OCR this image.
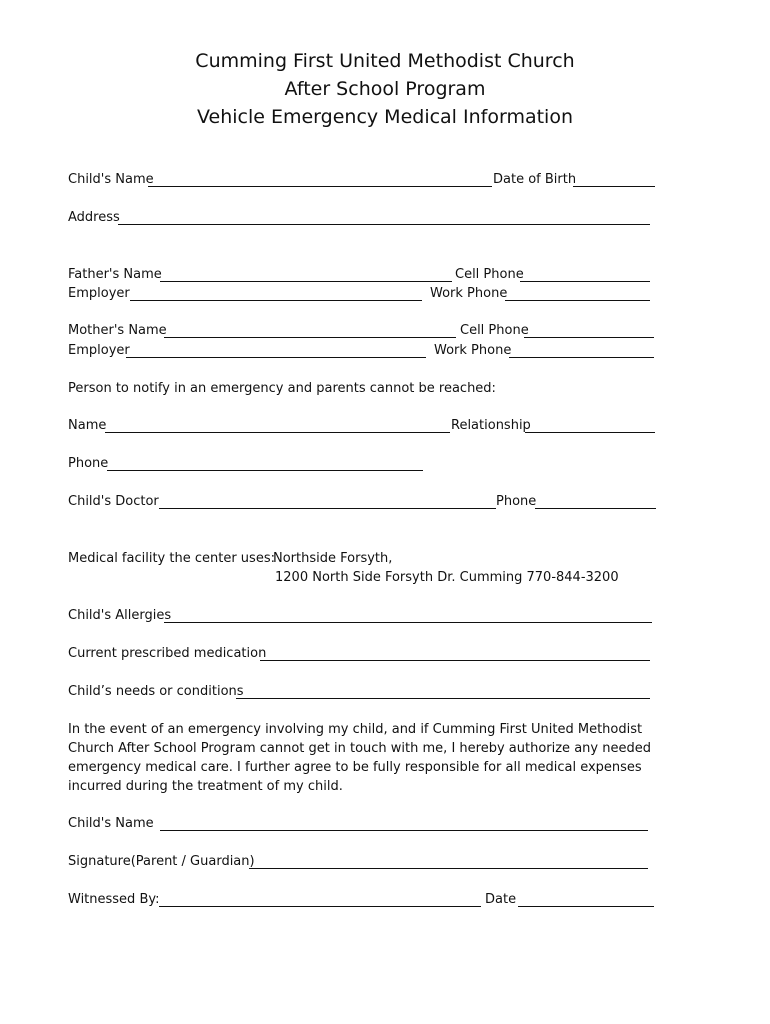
Cumming First United Methodist Church
After School Program
Vehicle Emergency Medical Information
Child's Name	Date of Birth
Address
Father's Name	Cell Phone
Employer	Work Phone
Mother's Name	Cell Phone
Employer	Work Phone
Person to notify in an emergency and parents cannot be reached:
Name	Relationship
Phone
Child's Doctor	Phone
Medical facility the center uses:
Northside Forsyth,
1200 North Side Forsyth Dr. Cumming 770-844-3200
Child's Allergies
Current prescribed medication
Child’s needs or conditions
In the event of an emergency involving my child, and if Cumming First United Methodist Church After School Program cannot get in touch with me, I hereby authorize any needed emergency medical care. I further agree to be fully responsible for all medical expenses incurred during the treatment of my child.
Child's Name
Signature(Parent / Guardian)
Witnessed By:	Date
